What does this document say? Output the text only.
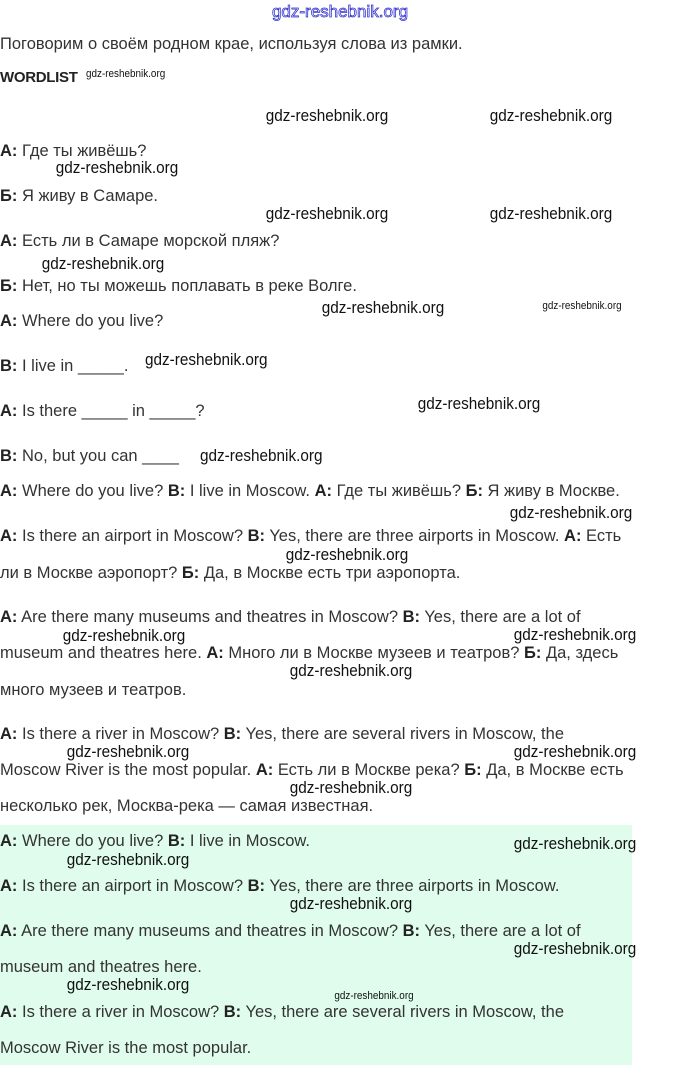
gdz-reshebnik.org
Поговорим о своём родном крае, используя слова из рамки.
WORDLIST
А: Где ты живёшь?
Б: Я живу в Самаре.
А: Есть ли в Самаре морской пляж?
Б: Нет, но ты можешь поплавать в реке Волге.
A: Where do you live?
B: I live in _____.
A: Is there _____ in _____?
B: No, but you can ____
A: Where do you live? B: I live in Moscow. А: Где ты живёшь? Б: Я живу в Москве.
A: Is there an airport in Moscow? B: Yes, there are three airports in Moscow. А: Есть
ли в Москве аэропорт? Б: Да, в Москве есть три аэропорта.
A: Are there many museums and theatres in Moscow? B: Yes, there are a lot of
museum and theatres here. А: Много ли в Москве музеев и театров? Б: Да, здесь
много музеев и театров.
A: Is there a river in Moscow? B: Yes, there are several rivers in Moscow, the
Moscow River is the most popular. А: Есть ли в Москве река? Б: Да, в Москве есть
несколько рек, Москва-река — самая известная.
A: Where do you live? B: I live in Moscow.
A: Is there an airport in Moscow? B: Yes, there are three airports in Moscow.
A: Are there many museums and theatres in Moscow? B: Yes, there are a lot of
museum and theatres here.
A: Is there a river in Moscow? B: Yes, there are several rivers in Moscow, the
Moscow River is the most popular.
gdz-reshebnik.org	gdz-reshebnik.org
gdz-reshebnik.org
gdz-reshebnik.org	gdz-reshebnik.org
gdz-reshebnik.org
gdz-reshebnik.org	gdz-reshebnik.org
gdz-reshebnik.org
gdz-reshebnik.org
gdz-reshebnik.org
gdz-reshebnik.org
gdz-reshebnik.org
gdz-reshebnik.org	gdz-reshebnik.org
gdz-reshebnik.org
gdz-reshebnik.org	gdz-reshebnik.org
gdz-reshebnik.org
gdz-reshebnik.org
gdz-reshebnik.org
gdz-reshebnik.org
gdz-reshebnik.org
gdz-reshebnik.org
gdz-reshebnik.org
gdz-reshebnik.org
